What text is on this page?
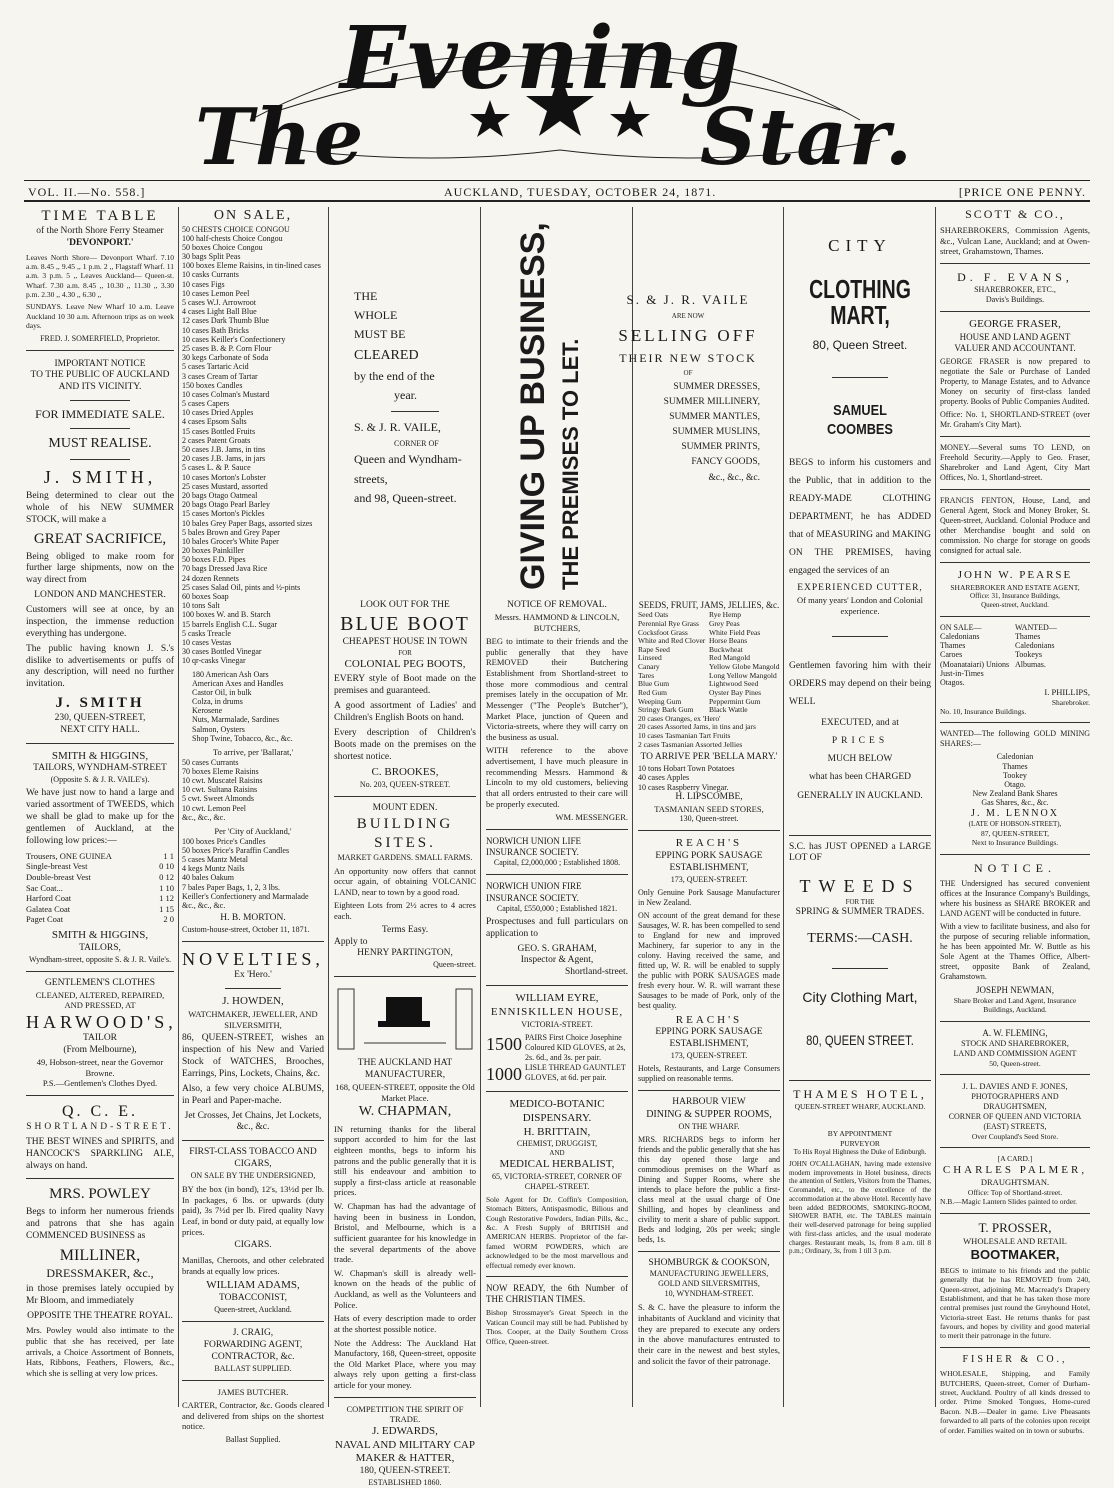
The
Evening
Star.
VOL. II.—No. 558.]	AUCKLAND, TUESDAY, OCTOBER 24, 1871.	[PRICE ONE PENNY.
TIME TABLE
of the North Shore Ferry Steamer
'DEVONPORT.'
Leaves North Shore— Devonport Wharf. 7.10 a.m. 8.45 ,, 9.45 ,, 1 p.m. 2 ,, Flagstaff Wharf. 11 a.m. 3 p.m. 5 ,, Leaves Auckland— Queen-st. Wharf. 7.30 a.m. 8.45 ,, 10.30 ,, 11.30 ,, 3.30 p.m. 2.30 ,, 4.30 ,, 6.30 ,,
SUNDAYS. Leave New Wharf 10 a.m. Leave Auckland 10 30 a.m. Afternoon trips as on week days.
FRED. J. SOMERFIELD, Proprietor.
IMPORTANT NOTICE
TO THE PUBLIC OF AUCKLAND AND ITS VICINITY.
FOR IMMEDIATE SALE.
MUST REALISE.
J. SMITH,
Being determined to clear out the whole of his NEW SUMMER STOCK, will make a
GREAT SACRIFICE,
Being obliged to make room for further large shipments, now on the way direct from
LONDON AND MANCHESTER.
Customers will see at once, by an inspection, the immense reduction everything has undergone.
The public having known J. S.'s dislike to advertisements or puffs of any description, will need no further invitation.
J. SMITH
230, QUEEN-STREET,
NEXT CITY HALL.
SMITH & HIGGINS,
TAILORS, WYNDHAM-STREET
(Opposite S. & J. R. VAILE's).
We have just now to hand a large and varied assortment of TWEEDS, which we shall be glad to make up for the gentlemen of Auckland, at the following low prices:—
Trousers, ONE GUINEA	1 1
Single-breast Vest	0 10
Double-breast Vest	0 12
Sac Coat...	1 10
Harford Coat	1 12
Galatea Coat	1 15
Paget Coat	2 0
SMITH & HIGGINS,
TAILORS,
Wyndham-street, opposite S. & J. R. Vaile's.
GENTLEMEN'S CLOTHES
CLEANED, ALTERED, REPAIRED, AND PRESSED, AT
HARWOOD'S,
TAILOR
(From Melbourne),
49, Hobson-street, near the Governor Browne.
P.S.—Gentlemen's Clothes Dyed.
Q. C. E.
SHORTLAND-STREET.
THE BEST WINES and SPIRITS, and HANCOCK'S SPARKLING ALE, always on hand.
MRS. POWLEY
Begs to inform her numerous friends and patrons that she has again COMMENCED BUSINESS as
MILLINER,
DRESSMAKER, &c.,
in those premises lately occupied by Mr Bloom, and immediately
OPPOSITE THE THEATRE ROYAL.
Mrs. Powley would also intimate to the public that she has received, per late arrivals, a Choice Assortment of Bonnets, Hats, Ribbons, Feathers, Flowers, &c., which she is selling at very low prices.
ON SALE,
50 CHESTS CHOICE CONGOU
100 half-chests Choice Congou
50 boxes Choice Congou
30 bags Split Peas
100 boxes Eleme Raisins, in tin-lined cases
10 casks Currants
10 cases Figs
10 cases Lemon Peel
5 cases W.J. Arrowroot
4 cases Light Ball Blue
12 cases Dark Thumb Blue
10 cases Bath Bricks
10 cases Keiller's Confectionery
25 cases B. & P. Corn Flour
30 kegs Carbonate of Soda
5 cases Tartaric Acid
3 cases Cream of Tartar
150 boxes Candles
10 cases Colman's Mustard
5 cases Capers
10 cases Dried Apples
4 cases Epsom Salts
15 cases Bottled Fruits
2 cases Patent Groats
50 cases J.B. Jams, in tins
20 cases J.B. Jams, in jars
5 cases L. & P. Sauce
10 cases Morton's Lobster
25 cases Mustard, assorted
20 bags Otago Oatmeal
20 bags Otago Pearl Barley
15 cases Morton's Pickles
10 bales Grey Paper Bags, assorted sizes
5 bales Brown and Grey Paper
10 bales Grocer's White Paper
20 boxes Painkiller
50 boxes F.D. Pipes
70 bags Dressed Java Rice
24 dozen Rennets
25 cases Salad Oil, pints and ½-pints
60 boxes Soap
10 tons Salt
100 boxes W. and B. Starch
15 barrels English C.L. Sugar
5 casks Treacle
10 cases Vestas
30 cases Bottled Vinegar
10 qr-casks Vinegar
180 American Ash Oars
American Axes and Handles
Castor Oil, in bulk
Colza, in drums
Kerosene
Nuts, Marmalade, Sardines
Salmon, Oysters
Shop Twine, Tobacco, &c., &c.
To arrive, per 'Ballarat,'
50 cases Currants
70 boxes Eleme Raisins
10 cwt. Muscatel Raisins
10 cwt. Sultana Raisins
5 cwt. Sweet Almonds
10 cwt. Lemon Peel
&c., &c., &c.
Per 'City of Auckland,'
100 boxes Price's Candles
50 boxes Price's Paraffin Candles
5 cases Mantz Metal
4 kegs Muntz Nails
40 bales Oakum
7 bales Paper Bags, 1, 2, 3 lbs.
Keiller's Confectionery and Marmalade
&c., &c., &c.
H. B. MORTON.
Custom-house-street, October 11, 1871.
NOVELTIES,
Ex 'Hero.'
J. HOWDEN,
WATCHMAKER, JEWELLER, AND SILVERSMITH,
86, QUEEN-STREET, wishes an inspection of his New and Varied Stock of WATCHES, Brooches, Earrings, Pins, Lockets, Chains, &c.
Also, a few very choice ALBUMS, in Pearl and Paper-mache.
Jet Crosses, Jet Chains, Jet Lockets, &c., &c.
FIRST-CLASS TOBACCO AND CIGARS,
ON SALE BY THE UNDERSIGNED,
BY the box (in bond), 12's, 13½d per lb. In packages, 6 lbs. or upwards (duty paid), 3s 7½d per lb. Fired quality Navy Leaf, in bond or duty paid, at equally low prices.
CIGARS.
Manillas, Cheroots, and other celebrated brands at equally low prices.
WILLIAM ADAMS,
TOBACCONIST,
Queen-street, Auckland.
J. CRAIG,
FORWARDING AGENT, CONTRACTOR, &c.
BALLAST SUPPLIED.
JAMES BUTCHER.
CARTER, Contractor, &c. Goods cleared and delivered from ships on the shortest notice.
Ballast Supplied.
THE
WHOLE
MUST BE
CLEARED
by the end of the
year.
S. & J. R. VAILE,
CORNER OF
Queen and Wyndham-streets,
and 98, Queen-street.
LOOK OUT FOR THE
BLUE BOOT
CHEAPEST HOUSE IN TOWN
FOR
COLONIAL PEG BOOTS,
EVERY style of Boot made on the premises and guaranteed.
A good assortment of Ladies' and Children's English Boots on hand.
Every description of Children's Boots made on the premises on the shortest notice.
C. BROOKES,
No. 203, QUEEN-STREET.
MOUNT EDEN.
BUILDING SITES.
MARKET GARDENS. SMALL FARMS.
An opportunity now offers that cannot occur again, of obtaining VOLCANIC LAND, near to town by a good road.
Eighteen Lots from 2½ acres to 4 acres each.
Terms Easy.
Apply to
HENRY PARTINGTON,
Queen-street.
THE AUCKLAND HAT MANUFACTURER,
168, QUEEN-STREET, opposite the Old Market Place.
W. CHAPMAN,
IN returning thanks for the liberal support accorded to him for the last eighteen months, begs to inform his patrons and the public generally that it is still his endeavour and ambition to supply a first-class article at reasonable prices.
W. Chapman has had the advantage of having been in business in London, Bristol, and Melbourne, which is a sufficient guarantee for his knowledge in the several departments of the above trade.
W. Chapman's skill is already well-known on the heads of the public of Auckland, as well as the Volunteers and Police.
Hats of every description made to order at the shortest possible notice.
Note the Address: The Auckland Hat Manufactory, 168, Queen-street, opposite the Old Market Place, where you may always rely upon getting a first-class article for your money.
COMPETITION THE SPIRIT OF TRADE.
J. EDWARDS,
NAVAL AND MILITARY CAP MAKER & HATTER,
180, QUEEN-STREET.
ESTABLISHED 1860.
GIVING UP BUSINESS, THE PREMISES TO LET.
NOTICE OF REMOVAL.
Messrs. HAMMOND & LINCOLN, BUTCHERS,
BEG to intimate to their friends and the public generally that they have REMOVED their Butchering Establishment from Shortland-street to those more commodious and central premises lately in the occupation of Mr. Messenger ("The People's Butcher"), Market Place, junction of Queen and Victoria-streets, where they will carry on the business as usual.
WITH reference to the above advertisement, I have much pleasure in recommending Messrs. Hammond & Lincoln to my old customers, believing that all orders entrusted to their care will be properly executed.
WM. MESSENGER.
NORWICH UNION LIFE INSURANCE SOCIETY.
Capital, £2,000,000 ; Established 1808.
NORWICH UNION FIRE INSURANCE SOCIETY.
Capital, £550,000 ; Established 1821.
Prospectuses and full particulars on application to
GEO. S. GRAHAM,
Inspector & Agent,
Shortland-street.
WILLIAM EYRE,
ENNISKILLEN HOUSE,
VICTORIA-STREET.
1500 PAIRS First Choice Josephine Coloured KID GLOVES, at 2s, 2s. 6d., and 3s. per pair.
1000 LISLE THREAD GAUNTLET GLOVES, at 6d. per pair.
MEDICO-BOTANIC DISPENSARY.
H. BRITTAIN,
CHEMIST, DRUGGIST,
AND
MEDICAL HERBALIST,
65, VICTORIA-STREET, CORNER OF CHAPEL-STREET.
Sole Agent for Dr. Coffin's Composition, Stomach Bitters, Antispasmodic, Bilious and Cough Restorative Powders, Indian Pills, &c., &c. A Fresh Supply of BRITISH and AMERICAN HERBS. Proprietor of the far-famed WORM POWDERS, which are acknowledged to be the most marvellous and effectual remedy ever known.
NOW READY, the 6th Number of THE CHRISTIAN TIMES.
Bishop Strossmayer's Great Speech in the Vatican Council may still be had. Published by Thos. Cooper, at the Daily Southern Cross Office, Queen-street.
S. & J. R. VAILE
ARE NOW
SELLING OFF
THEIR NEW STOCK
OF
SUMMER DRESSES,
SUMMER MILLINERY,
SUMMER MANTLES,
SUMMER MUSLINS,
SUMMER PRINTS,
FANCY GOODS,
&c., &c., &c.
SEEDS, FRUIT, JAMS, JELLIES, &c.
Seed Oats
Perennial Rye Grass
Cocksfoot Grass
White and Red Clover
Rape Seed
Linseed
Canary
Tares
Blue Gum
Red Gum
Weeping Gum
Stringy Bark Gum
Rye Hemp
Grey Peas
White Field Peas
Horse Beans
Buckwheat
Red Mangold
Yellow Globe Mangold
Long Yellow Mangold
Lightwood Seed
Oyster Bay Pines
Peppermint Gum
Black Wattle
20 cases Oranges, ex 'Hero'
20 cases Assorted Jams, in tins and jars
10 cases Tasmanian Tart Fruits
2 cases Tasmanian Assorted Jellies
TO ARRIVE PER 'BELLA MARY.'
10 tons Hobart Town Potatoes
40 cases Apples
10 cases Raspberry Vinegar.
H. LIPSCOMBE,
TASMANIAN SEED STORES,
130, Queen-street.
REACH'S
EPPING PORK SAUSAGE ESTABLISHMENT,
173, QUEEN-STREET.
Only Genuine Pork Sausage Manufacturer in New Zealand.
ON account of the great demand for these Sausages, W. R. has been compelled to send to England for new and improved Machinery, far superior to any in the colony. Having received the same, and fitted up, W. R. will be enabled to supply the public with PORK SAUSAGES made fresh every hour. W. R. will warrant these Sausages to be made of Pork, only of the best quality.
REACH'S
EPPING PORK SAUSAGE ESTABLISHMENT,
173, QUEEN-STREET.
Hotels, Restaurants, and Large Consumers supplied on reasonable terms.
HARBOUR VIEW
DINING & SUPPER ROOMS,
ON THE WHARF.
MRS. RICHARDS begs to inform her friends and the public generally that she has this day opened those large and commodious premises on the Wharf as Dining and Supper Rooms, where she intends to place before the public a first-class meal at the usual charge of One Shilling, and hopes by cleanliness and civility to merit a share of public support. Beds and lodging, 20s per week; single beds, 1s.
SHOMBURGK & COOKSON,
MANUFACTURING JEWELLERS, GOLD AND SILVERSMITHS,
10, WYNDHAM-STREET.
S. & C. have the pleasure to inform the inhabitants of Auckland and vicinity that they are prepared to execute any orders in the above manufactures entrusted to their care in the newest and best styles, and solicit the favor of their patronage.
CITY
CLOTHING MART,
80, Queen Street.
SAMUEL COOMBES
BEGS to inform his customers and the Public, that in addition to the READY-MADE CLOTHING DEPARTMENT, he has ADDED that of MEASURING and MAKING ON THE PREMISES, having engaged the services of an
EXPERIENCED CUTTER,
Of many years' London and Colonial experience.
Gentlemen favoring him with their ORDERS may depend on their being WELL
EXECUTED, and at
PRICES
MUCH BELOW
what has been CHARGED
GENERALLY IN AUCKLAND.
S.C. has JUST OPENED a LARGE LOT OF
TWEEDS
FOR THE
SPRING & SUMMER TRADES.
TERMS:—CASH.
City Clothing Mart,
80, QUEEN STREET.
THAMES HOTEL,
QUEEN-STREET WHARF, AUCKLAND.
BY APPOINTMENT
PURVEYOR
To His Royal Highness the Duke of Edinburgh.
JOHN O'CALLAGHAN, having made extensive modern improvements in Hotel business, directs the attention of Settlers, Visitors from the Thames, Coromandel, etc., to the excellence of the accommodation at the above Hotel. Recently have been added BEDROOMS, SMOKING-ROOM, SHOWER BATH, etc. The TABLES maintain their well-deserved patronage for being supplied with first-class articles, and the usual moderate charges. Restaurant meals, 1s, from 8 a.m. till 8 p.m.; Ordinary, 3s, from 1 till 3 p.m.
SCOTT & CO.,
SHAREBROKERS, Commission Agents, &c., Vulcan Lane, Auckland; and at Owen-street, Grahamstown, Thames.
D. F. EVANS,
SHAREBROKER, ETC.,
Davis's Buildings.
GEORGE FRASER,
HOUSE AND LAND AGENT
VALUER AND ACCOUNTANT.
GEORGE FRASER is now prepared to negotiate the Sale or Purchase of Landed Property, to Manage Estates, and to Advance Money on security of first-class landed property. Books of Public Companies Audited.
Office: No. 1, SHORTLAND-STREET (over Mr. Graham's City Mart).
MONEY.—Several sums TO LEND, on Freehold Security.—Apply to Geo. Fraser, Sharebroker and Land Agent, City Mart Offices, No. 1, Shortland-street.
FRANCIS FENTON, House, Land, and General Agent, Stock and Money Broker, St. Queen-street, Auckland. Colonial Produce and other Merchandise bought and sold on commission. No charge for storage on goods consigned for actual sale.
JOHN W. PEARSE
SHAREBROKER AND ESTATE AGENT,
Office: 31, Insurance Buildings,
Queen-street, Auckland.
ON SALE—
Caledonians
Thames
Caroes
(Moanataiari) Unions
Just-in-Times
Otagos.
WANTED—
Thames
Caledonians
Tookeys
Albumas.
I. PHILLIPS,
Sharebroker.
No. 10, Insurance Buildings.
WANTED—The following GOLD MINING SHARES:—
Caledonian
Thames
Tookey
Otago.
New Zealand Bank Shares
Gas Shares, &c., &c.
J. M. LENNOX
(LATE OF HOBSON-STREET),
87, QUEEN-STREET,
Next to Insurance Buildings.
NOTICE.
THE Undersigned has secured convenient offices at the Insurance Company's Buildings, where his business as SHARE BROKER and LAND AGENT will be conducted in future.
With a view to facilitate business, and also for the purpose of securing reliable information, he has been appointed Mr. W. Buttle as his Sole Agent at the Thames Office, Albert-street, opposite Bank of Zealand, Grahamstown.
JOSEPH NEWMAN,
Share Broker and Land Agent, Insurance Buildings, Auckland.
A. W. FLEMING,
STOCK AND SHAREBROKER,
LAND AND COMMISSION AGENT
50, Queen-street.
J. L. DAVIES AND F. JONES,
PHOTOGRAPHERS AND DRAUGHTSMEN,
CORNER OF QUEEN AND VICTORIA (EAST) STREETS,
Over Coupland's Seed Store.
[A CARD.]
CHARLES PALMER,
DRAUGHTSMAN.
Office: Top of Shortland-street.
N.B.—Magic Lantern Slides painted to order.
T. PROSSER,
WHOLESALE AND RETAIL
BOOTMAKER,
BEGS to intimate to his friends and the public generally that he has REMOVED from 240, Queen-street, adjoining Mr. Macready's Drapery Establishment, and that he has taken those more central premises just round the Greyhound Hotel, Victoria-street East. He returns thanks for past favours, and hopes by civility and good material to merit their patronage in the future.
FISHER & CO.,
WHOLESALE, Shipping, and Family BUTCHERS, Queen-street, Corner of Durham-street, Auckland. Poultry of all kinds dressed to order. Prime Smoked Tongues, Home-cured Bacon. N.B.—Dealer in game. Live Pheasants forwarded to all parts of the colonies upon receipt of order. Families waited on in town or suburbs.
